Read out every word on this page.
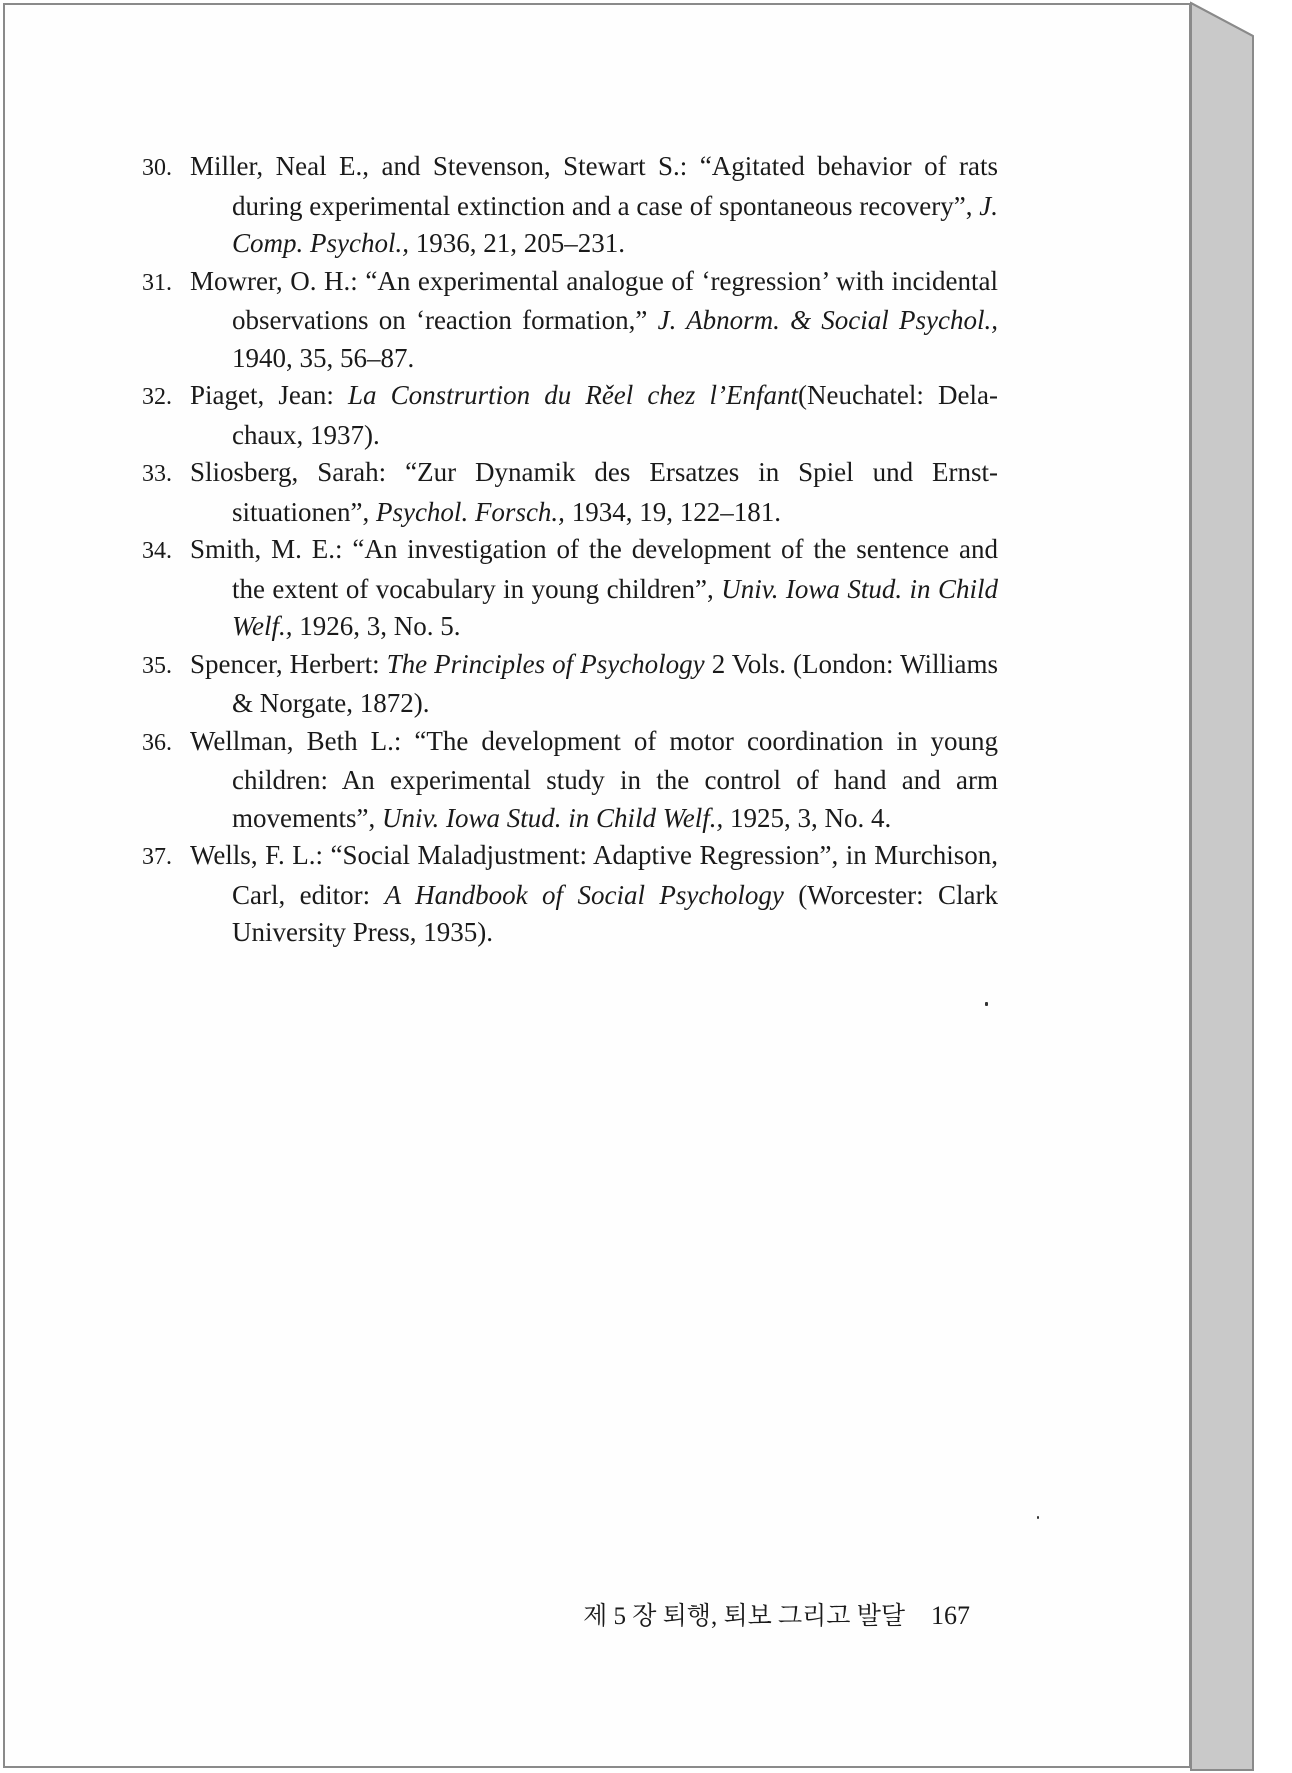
30. Miller, Neal E., and Stevenson, Stewart S.: “Agitated behavior of rats during experimental extinction and a case of spontaneous recovery”, J. Comp. Psychol., 1936, 21, 205–231.

31. Mowrer, O. H.: “An experimental analogue of ‘regression’ with incidental observations on ‘reaction formation,” J. Abnorm. & Social Psychol., 1940, 35, 56–87.

32. Piaget, Jean: La Construrtion du Rěel chez l’Enfant(Neuchatel: Delachaux, 1937).

33. Sliosberg, Sarah: “Zur Dynamik des Ersatzes in Spiel und Ernstsituationen”, Psychol. Forsch., 1934, 19, 122–181.

34. Smith, M. E.: “An investigation of the development of the sentence and the extent of vocabulary in young children”, Univ. Iowa Stud. in Child Welf., 1926, 3, No. 5.

35. Spencer, Herbert: The Principles of Psychology 2 Vols. (London: Williams & Norgate, 1872).

36. Wellman, Beth L.: “The development of motor coordination in young children: An experimental study in the control of hand and arm movements”, Univ. Iowa Stud. in Child Welf., 1925, 3, No. 4.

37. Wells, F. L.: “Social Maladjustment: Adaptive Regression”, in Murchison, Carl, editor: A Handbook of Social Psychology (Worcester: Clark University Press, 1935).

제 5 장 퇴행, 퇴보 그리고 발달 167
